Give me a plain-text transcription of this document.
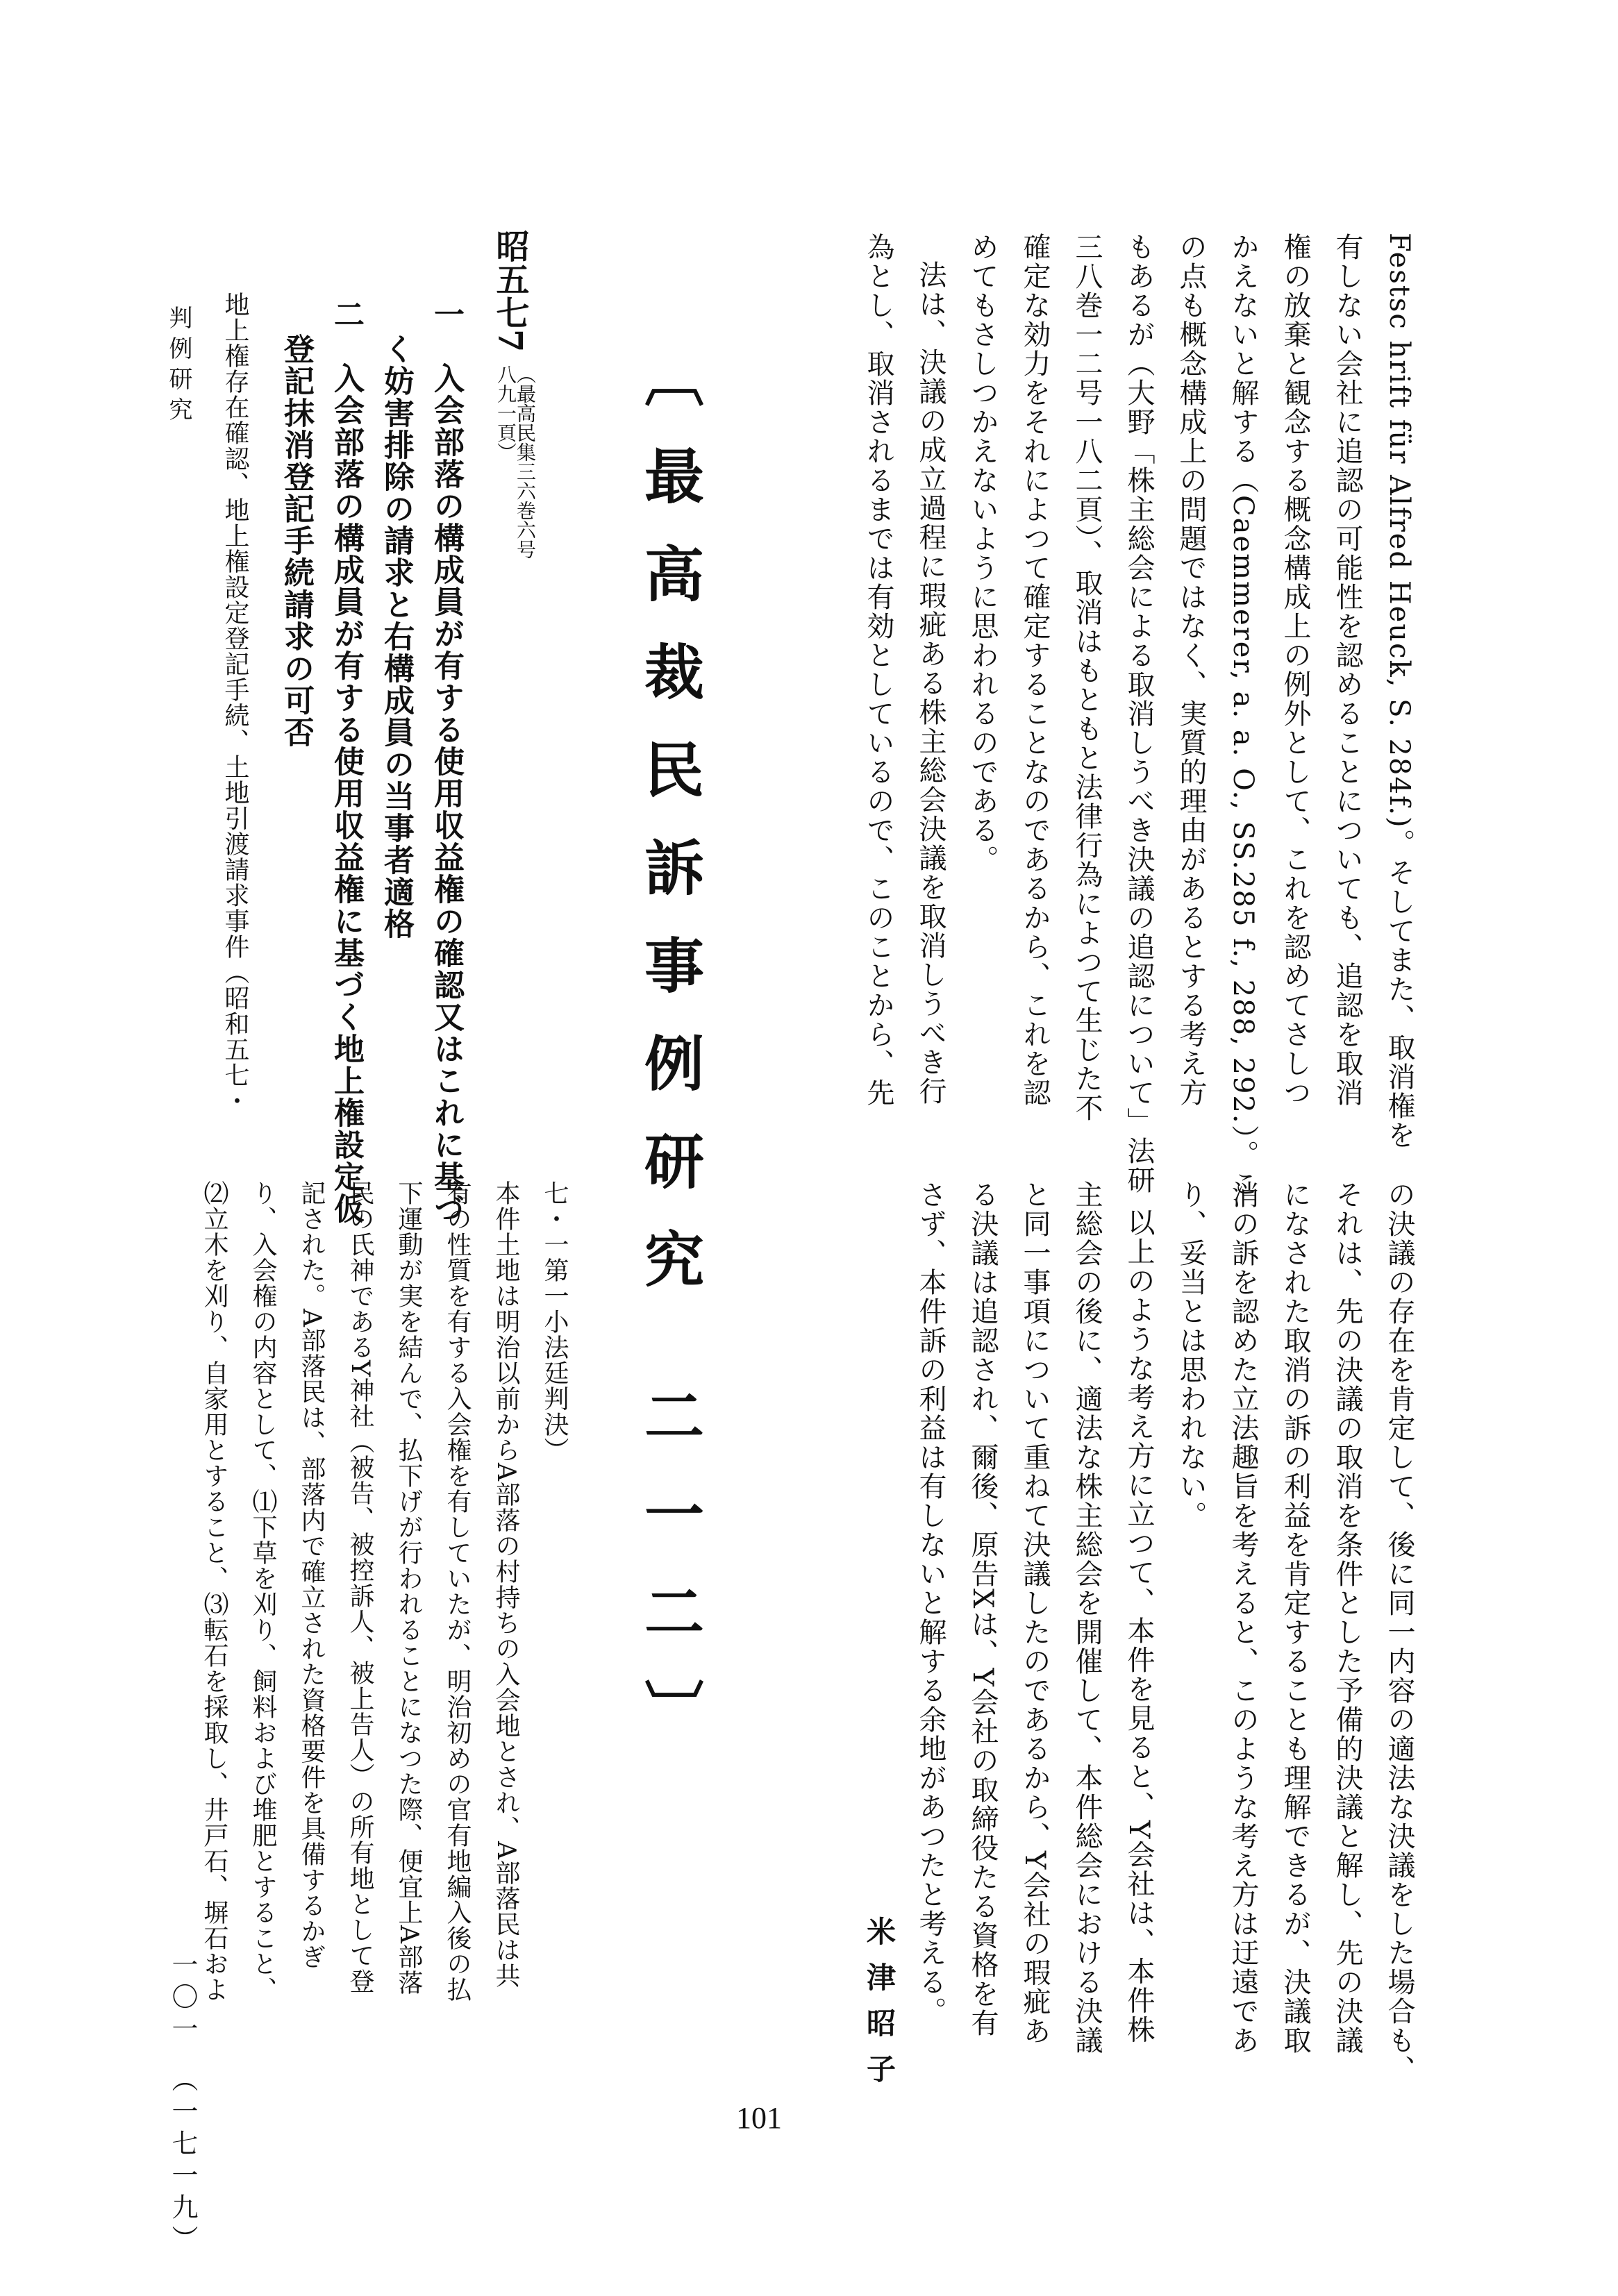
Festsc hrift für Alfred Heuck, S. 284f.)。そしてまた、取消権を
有しない会社に追認の可能性を認めることについても、追認を取消
権の放棄と観念する概念構成上の例外として、これを認めてさしつ
かえないと解する（Caemmerer, a. a. O., SS.285 f., 288, 292.）。こ
の点も概念構成上の問題ではなく、実質的理由があるとする考え方
もあるが（大野「株主総会による取消しうべき決議の追認について」法研
三八巻一二号一八二頁）、取消はもともと法律行為によつて生じた不
確定な効力をそれによつて確定することなのであるから、これを認
めてもさしつかえないように思われるのである。
法は、決議の成立過程に瑕疵ある株主総会決議を取消しうべき行
為とし、取消されるまでは有効としているので、このことから、先
〔最高裁民訴事例研究 二一二〕
昭五七7
（最高民集三六巻六号八九一頁）
一　入会部落の構成員が有する使用収益権の確認又はこれに基づ
く妨害排除の請求と右構成員の当事者適格
二　入会部落の構成員が有する使用収益権に基づく地上権設定仮
登記抹消登記手続請求の可否
地上権存在確認、地上権設定登記手続、土地引渡請求事件（昭和五七・
判例研究
の決議の存在を肯定して、後に同一内容の適法な決議をした場合も、
それは、先の決議の取消を条件とした予備的決議と解し、先の決議
になされた取消の訴の利益を肯定することも理解できるが、決議取
消の訴を認めた立法趣旨を考えると、このような考え方は迂遠であ
り、妥当とは思われない。
以上のような考え方に立つて、本件を見ると、Y会社は、本件株
主総会の後に、適法な株主総会を開催して、本件総会における決議
と同一事項について重ねて決議したのであるから、Y会社の瑕疵あ
る決議は追認され、爾後、原告Xは、Y会社の取締役たる資格を有
さず、本件訴の利益は有しないと解する余地があつたと考える。
米津昭子
七・一第一小法廷判決）
本件土地は明治以前からA部落の村持ちの入会地とされ、A部落民は共
有の性質を有する入会権を有していたが、明治初めの官有地編入後の払
下運動が実を結んで、払下げが行われることになつた際、便宜上A部落
民の氏神であるY神社（被告、被控訴人、被上告人）の所有地として登
記された。A部落民は、部落内で確立された資格要件を具備するかぎ
り、入会権の内容として、⑴下草を刈り、飼料および堆肥とすること、
⑵立木を刈り、自家用とすること、⑶転石を採取し、井戸石、塀石およ
一〇一　（一七一九）	101
